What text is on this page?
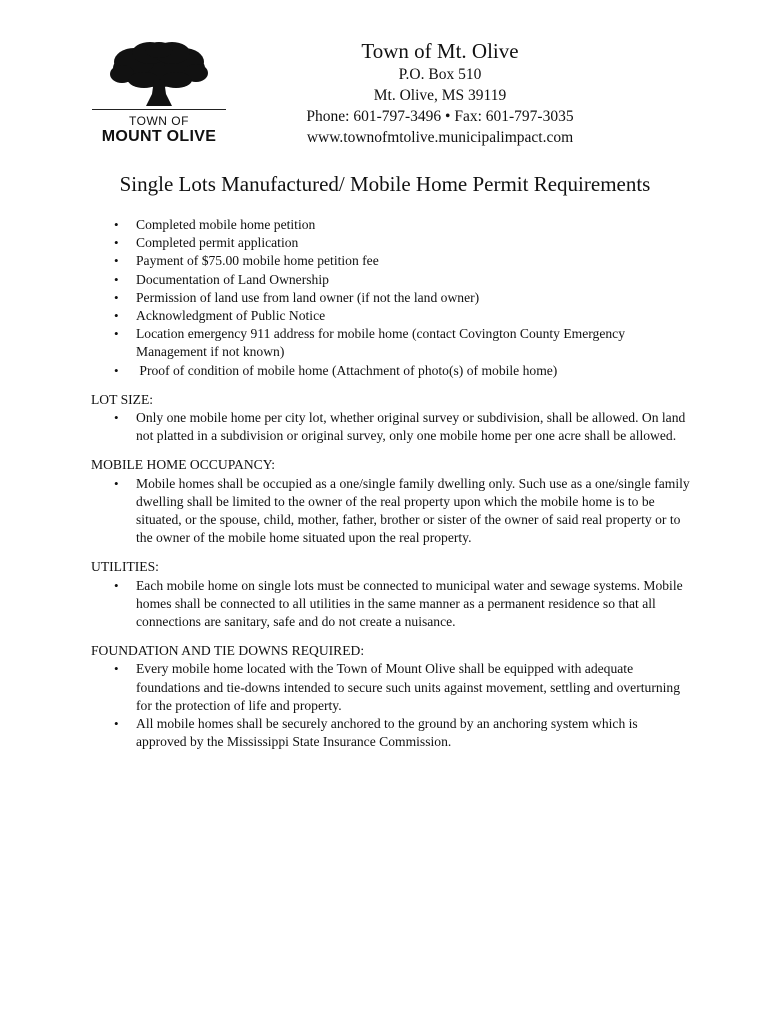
TOWN OF
MOUNT OLIVE
Town of Mt. Olive
P.O. Box 510
Mt. Olive, MS 39119
Phone: 601-797-3496 • Fax: 601-797-3035
www.townofmtolive.municipalimpact.com
Single Lots Manufactured/ Mobile Home Permit Requirements
• Completed mobile home petition
• Completed permit application
• Payment of $75.00 mobile home petition fee
• Documentation of Land Ownership
• Permission of land use from land owner (if not the land owner)
• Acknowledgment of Public Notice
• Location emergency 911 address for mobile home (contact Covington County Emergency Management if not known)
•  Proof of condition of mobile home (Attachment of photo(s) of mobile home)
LOT SIZE:
• Only one mobile home per city lot, whether original survey or subdivision, shall be allowed. On land not platted in a subdivision or original survey, only one mobile home per one acre shall be allowed.
MOBILE HOME OCCUPANCY:
• Mobile homes shall be occupied as a one/single family dwelling only. Such use as a one/single family dwelling shall be limited to the owner of the real property upon which the mobile home is to be situated, or the spouse, child, mother, father, brother or sister of the owner of said real property or to the owner of the mobile home situated upon the real property.
UTILITIES:
• Each mobile home on single lots must be connected to municipal water and sewage systems. Mobile homes shall be connected to all utilities in the same manner as a permanent residence so that all connections are sanitary, safe and do not create a nuisance.
FOUNDATION AND TIE DOWNS REQUIRED:
• Every mobile home located with the Town of Mount Olive shall be equipped with adequate foundations and tie-downs intended to secure such units against movement, settling and overturning for the protection of life and property.
• All mobile homes shall be securely anchored to the ground by an anchoring system which is approved by the Mississippi State Insurance Commission.
